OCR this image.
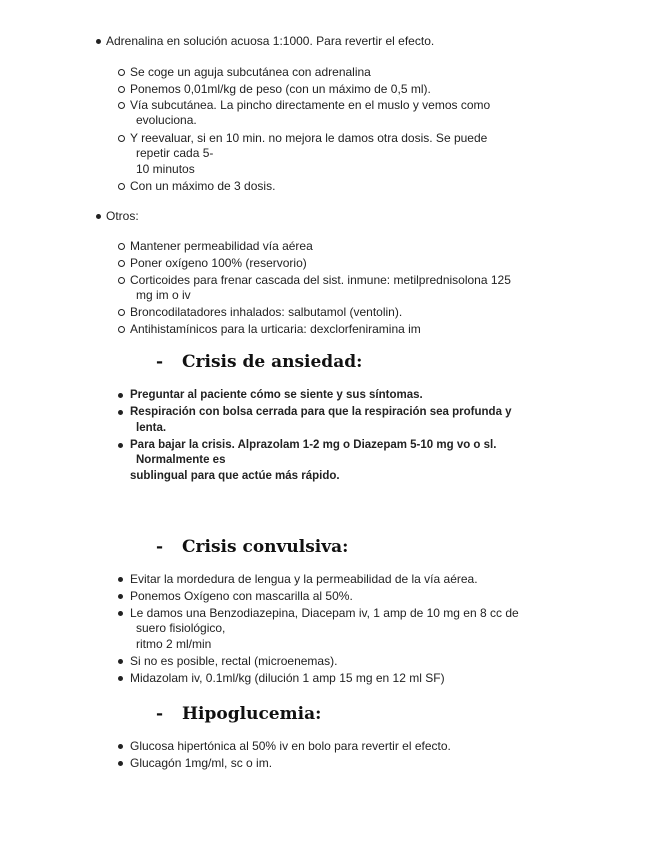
Adrenalina en solución acuosa 1:1000. Para revertir el efecto.
Se coge un aguja subcutánea con adrenalina
Ponemos 0,01ml/kg de peso (con un máximo de 0,5 ml).
Vía subcutánea. La pincho directamente en el muslo y vemos como
evoluciona.
Y reevaluar, si en 10 min. no mejora le damos otra dosis. Se puede
repetir cada 5-
10 minutos
Con un máximo de 3 dosis.
Otros:
Mantener permeabilidad vía aérea
Poner oxígeno 100% (reservorio)
Corticoides para frenar cascada del sist. inmune: metilprednisolona 125
mg im o iv
Broncodilatadores inhalados: salbutamol (ventolin).
Antihistamínicos para la urticaria: dexclorfeniramina im
- Crisis de ansiedad:
Preguntar al paciente cómo se siente y sus síntomas.
Respiración con bolsa cerrada para que la respiración sea profunda y
lenta.
Para bajar la crisis. Alprazolam 1-2 mg o Diazepam 5-10 mg vo o sl.
Normalmente es
sublingual para que actúe más rápido.
- Crisis convulsiva:
Evitar la mordedura de lengua y la permeabilidad de la vía aérea.
Ponemos Oxígeno con mascarilla al 50%.
Le damos una Benzodiazepina, Diacepam iv, 1 amp de 10 mg en 8 cc de
suero fisiológico,
ritmo 2 ml/min
Si no es posible, rectal (microenemas).
Midazolam iv, 0.1ml/kg (dilución 1 amp 15 mg en 12 ml SF)
- Hipoglucemia:
Glucosa hipertónica al 50% iv en bolo para revertir el efecto.
Glucagón 1mg/ml, sc o im.
